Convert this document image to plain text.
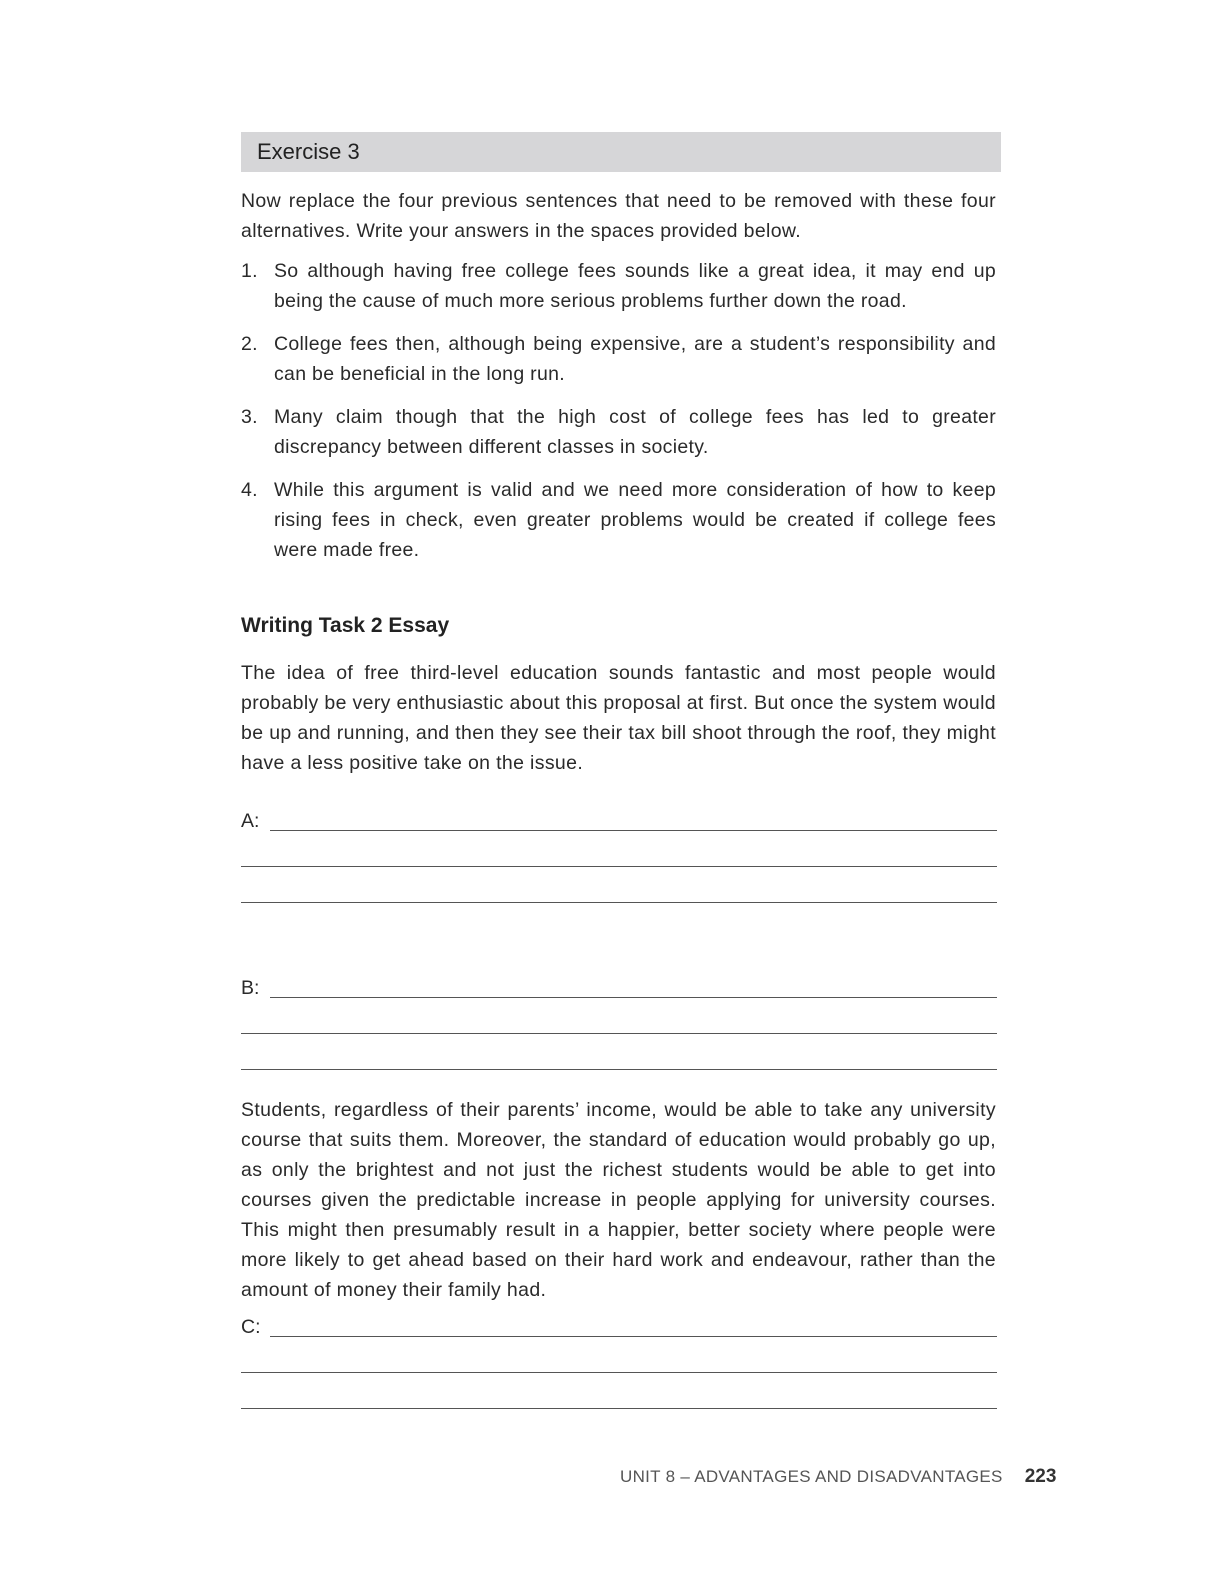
Exercise 3

Now replace the four previous sentences that need to be removed with these four alternatives. Write your answers in the spaces provided below.

1. So although having free college fees sounds like a great idea, it may end up being the cause of much more serious problems further down the road.
2. College fees then, although being expensive, are a student’s responsibility and can be beneficial in the long run.
3. Many claim though that the high cost of college fees has led to greater discrepancy between different classes in society.
4. While this argument is valid and we need more consideration of how to keep rising fees in check, even greater problems would be created if college fees were made free.
Writing Task 2 Essay

The idea of free third-level education sounds fantastic and most people would probably be very enthusiastic about this proposal at first. But once the system would be up and running, and then they see their tax bill shoot through the roof, they might have a less positive take on the issue.

A:
B:

Students, regardless of their parents’ income, would be able to take any university course that suits them. Moreover, the standard of education would probably go up, as only the brightest and not just the richest students would be able to get into courses given the predictable increase in people applying for university courses. This might then presumably result in a happier, better society where people were more likely to get ahead based on their hard work and endeavour, rather than the amount of money their family had.

C:
UNIT 8 – ADVANTAGES AND DISADVANTAGES 223
